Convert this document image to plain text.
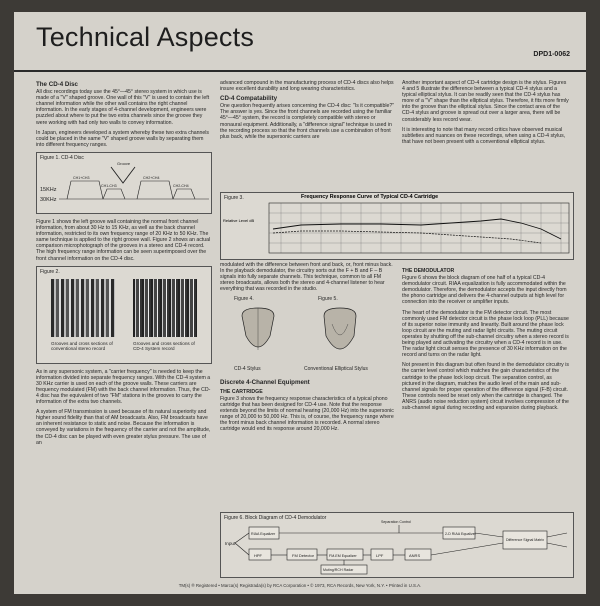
Technical Aspects
DPD1-0062
The CD-4 Disc

All disc recordings today use the 45°—45° stereo system in which use is made of a "V" shaped groove. One wall of this "V" is used to contain the left channel information while the other wall contains the right channel information. In the early stages of 4-channel development, engineers were puzzled about where to put the two extra channels since the groove they were working with had only two walls to convey information.

In Japan, engineers developed a system whereby these two extra channels could be placed in the same "V" shaped groove walls by separating them into different frequency ranges.

Figure 1. CD-4 Disc
Groove
CH1+CH3
CH1-CH3
CH2+CH4
CH2-CH4
15KHz
30KHz

Figure 1 shows the left groove wall containing the normal front channel information, from about 30 Hz to 15 KHz, as well as the back channel information, restricted to its own frequency range of 20 KHz to 50 KHz. The same technique is applied to the right groove wall. Figure 2 shows an actual comparison microphotograph of the grooves in a stereo and CD-4 record. The high frequency range information can be seen superimposed over the front channel information on the CD-4 disc.

Figure 2.
Grooves and cross sections of conventional stereo record
Grooves and cross sections of CD-4 System record

As in any supersonic system, a "carrier frequency" is needed to keep the information divided into separate frequency ranges. With the CD-4 system a 30 KHz carrier is used on each of the groove walls. These carriers are frequency modulated (FM) with the back channel information. Thus, the CD-4 disc has the equivalent of two "FM" stations in the grooves to carry the information of the extra two channels.

A system of FM transmission is used because of its natural superiority and higher sound fidelity than that of AM broadcasts. Also, FM broadcasts have an inherent resistance to static and noise. Because the information is conveyed by variations in the frequency of the carrier and not the amplitude, the CD-4 disc can be played with even greater stylus pressure. The use of an

advanced compound in the manufacturing process of CD-4 discs also helps insure excellent durability and long wearing characteristics.

CD-4 Compatability

One question frequently arises concerning the CD-4 disc: "Is it compatible?" The answer is yes. Since the front channels are recorded using the familiar 45°—45° system, the record is completely compatible with stereo or monaural equipment. Additionally, a "difference signal" technique is used in the recording process so that the front channels use a combination of front plus back, while the supersonic carriers are

Figure 3.	Frequency Response Curve of Typical CD-4 Cartridge
Relative Level dB

modulated with the difference between front and back, or, front minus back. In the playback demodulator, the circuitry sorts out the F + B and F – B signals into fully separate channels. This technique, common to all FM stereo broadcasts, allows both the stereo and 4-channel listener to hear everything that was recorded in the studio.

Figure 4.	Figure 5.
CD-4 Stylus	Conventional Elliptical Stylus
Discrete 4-Channel Equipment
THE CARTRIDGE

Figure 3 shows the frequency response characteristics of a typical phono cartridge that has been designed for CD-4 use. Note that the response extends beyond the limits of normal hearing (20,000 Hz) into the supersonic range of 20,000 to 50,000 Hz. This is, of course, the frequency range where the front minus back channel information is recorded. A normal stereo cartridge would end its response around 20,000 Hz.

Another important aspect of CD-4 cartridge design is the stylus. Figures 4 and 5 illustrate the difference between a typical CD-4 stylus and a typical elliptical stylus. It can be readily seen that the CD-4 stylus has more of a "V" shape than the elliptical stylus. Therefore, it fits more firmly into the groove than the elliptical stylus. Since the contact area of the CD-4 stylus and groove is spread out over a larger area, there will be considerably less record wear.

It is interesting to note that many record critics have observed musical subtleties and nuances on these recordings, when using a CD-4 stylus, that have not been present with a conventional elliptical stylus.

THE DEMODULATOR

Figure 6 shows the block diagram of one half of a typical CD-4 demodulator circuit. RIAA equalization is fully accommodated within the demodulator. Therefore, the demodulator accepts the input directly from the phono cartridge and delivers the 4-channel outputs at high level for connection into the receiver or amplifier inputs.

The heart of the demodulator is the FM detector circuit. The most commonly used FM detector circuit is the phase lock loop (PLL) because of its superior noise immunity and linearity. Built around the phase lock loop circuit are the muting and radar light circuits. The muting circuit operates by shutting off the sub-channel circuitry when a stereo record is being played and activating the circuitry when a CD-4 record is in use. The radar light circuit senses the presence of 30 KHz information on the record and turns on the radar light.

Not present in this diagram but often found in the demodulator circuitry is the carrier level control which matches the gain characteristics of the cartridge to the phase lock loop circuit. The separation control, as pictured in the diagram, matches the audio level of the main and sub-channel signals for proper operation of the difference signal (F-B) circuit. These controls need be reset only when the cartridge is changed. The ANRS (audio noise reduction system) circuit involves compression of the sub-channel signal during recording and expansion during playback.

Figure 6. Block Diagram of CD-4 Demodulator
Input
RIAA Equalizer
HPF	FM Detector	FM-EM Equalizer	LPF	ANRS
2-D RIAA Equalizer
Separation Control
Muting/RCH Radar
Difference Signal Matrix
TM(s) ® Registered • Marca(s) Registrada(s) by RCA Corporation • © 1973, RCA Records, New York, N.Y. • Printed in U.S.A.
